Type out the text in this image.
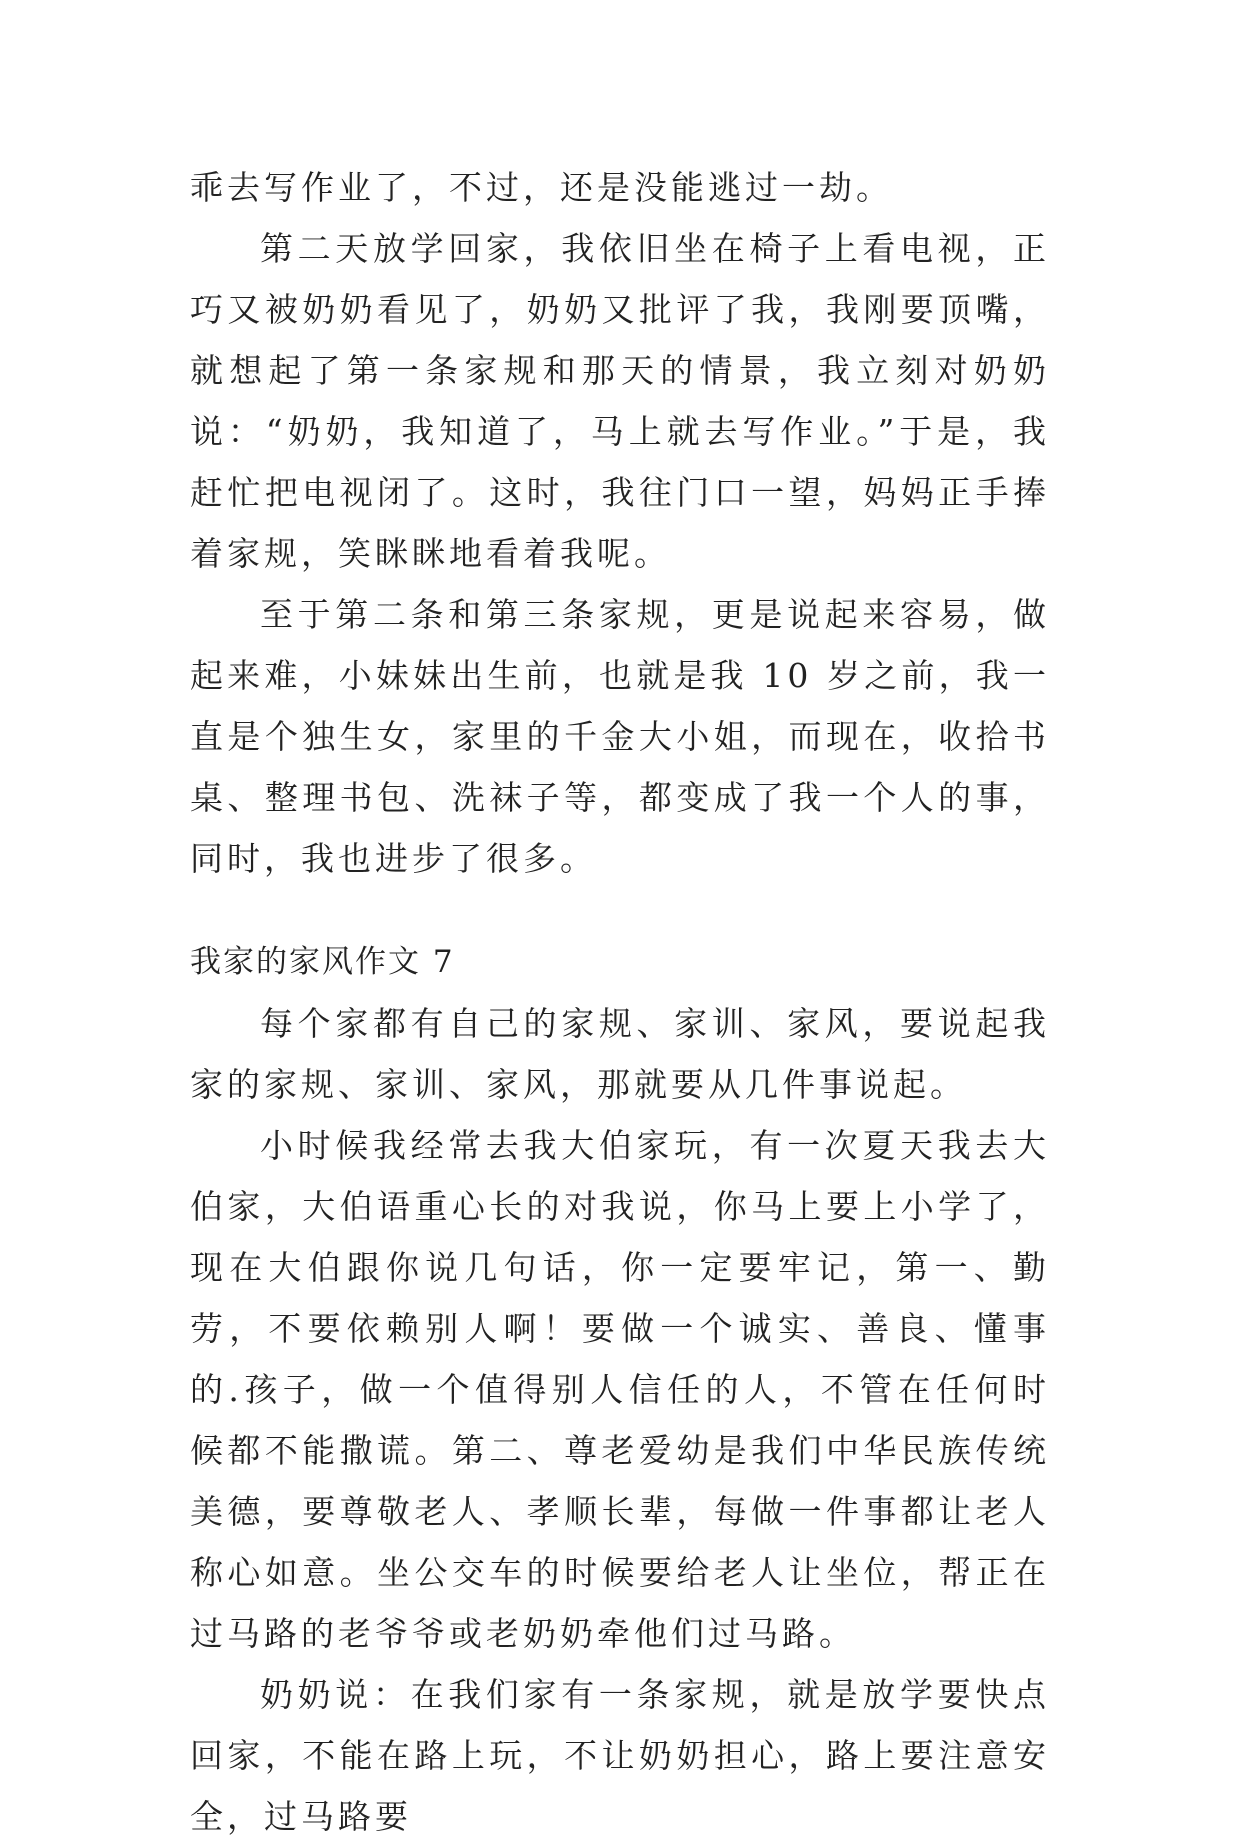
乖去写作业了，不过，还是没能逃过一劫。

第二天放学回家，我依旧坐在椅子上看电视，正巧又被奶奶看见了，奶奶又批评了我，我刚要顶嘴，就想起了第一条家规和那天的情景，我立刻对奶奶说：“奶奶，我知道了，马上就去写作业。”于是，我赶忙把电视闭了。这时，我往门口一望，妈妈正手捧着家规，笑眯眯地看着我呢。

至于第二条和第三条家规，更是说起来容易，做起来难，小妹妹出生前，也就是我 10 岁之前，我一直是个独生女，家里的千金大小姐，而现在，收拾书桌、整理书包、洗袜子等，都变成了我一个人的事，同时，我也进步了很多。

我家的家风作文 7

每个家都有自己的家规、家训、家风，要说起我家的家规、家训、家风，那就要从几件事说起。

小时候我经常去我大伯家玩，有一次夏天我去大伯家，大伯语重心长的对我说，你马上要上小学了，现在大伯跟你说几句话，你一定要牢记，第一、勤劳，不要依赖别人啊！要做一个诚实、善良、懂事的.孩子，做一个值得别人信任的人，不管在任何时候都不能撒谎。第二、尊老爱幼是我们中华民族传统美德，要尊敬老人、孝顺长辈，每做一件事都让老人称心如意。坐公交车的时候要给老人让坐位，帮正在过马路的老爷爷或老奶奶牵他们过马路。

奶奶说：在我们家有一条家规，就是放学要快点回家，不能在路上玩，不让奶奶担心，路上要注意安全，过马路要
